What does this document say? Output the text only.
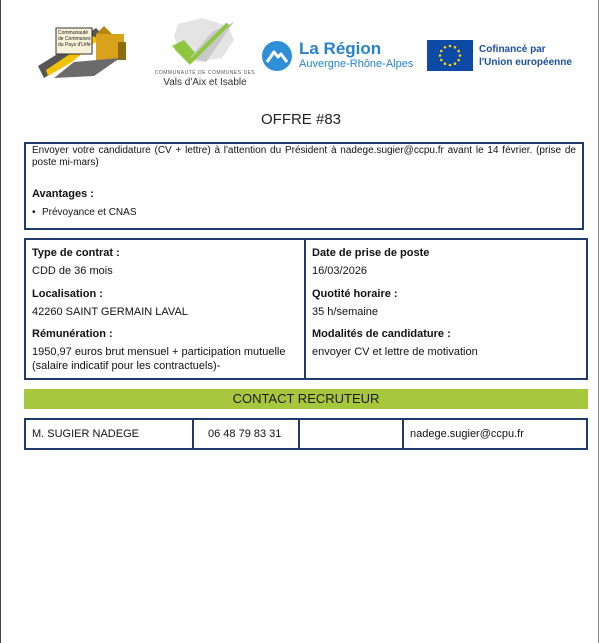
Communauté de Communes du Pays d'Urfé
COMMUNAUTÉ DE COMMUNES DES
Vals d'Aix et Isable
La Région
Auvergne-Rhône-Alpes
Cofinancé par
l'Union européenne
OFFRE #83
Envoyer votre candidature (CV + lettre) à l'attention du Président à nadege.sugier@ccpu.fr avant le 14 février. (prise de poste mi-mars)
Avantages :
• Prévoyance et CNAS
Type de contrat :
CDD de 36 mois
Localisation :
42260 SAINT GERMAIN LAVAL
Rémunération :
1950,97 euros brut mensuel + participation mutuelle (salaire indicatif pour les contractuels)-
Date de prise de poste
16/03/2026
Quotité horaire :
35 h/semaine
Modalités de candidature :
envoyer CV et lettre de motivation
CONTACT RECRUTEUR
M. SUGIER NADEGE	06 48 79 83 31	nadege.sugier@ccpu.fr
